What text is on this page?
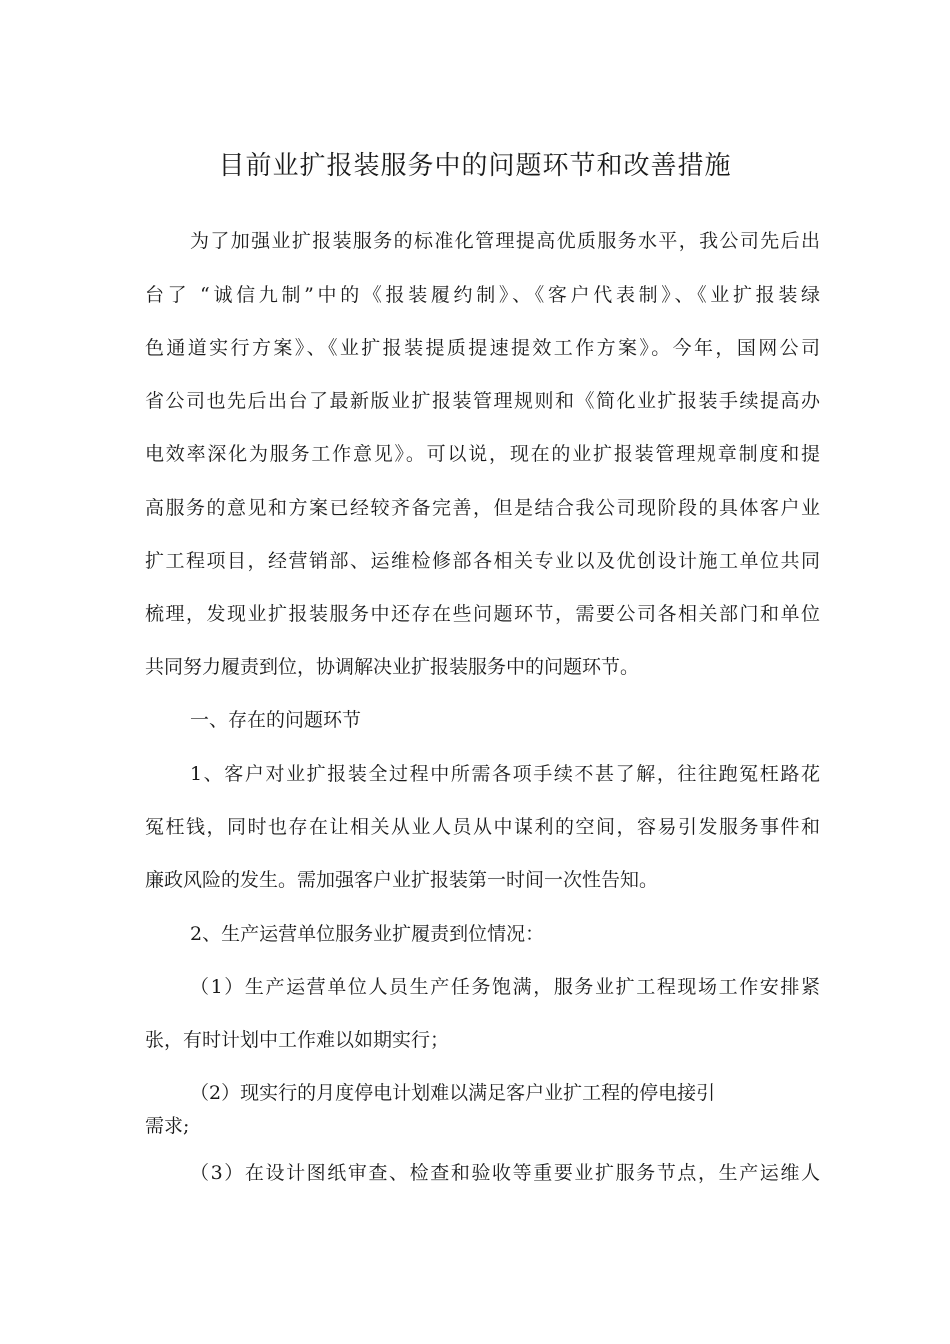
目前业扩报装服务中的问题环节和改善措施

为了加强业扩报装服务的标准化管理提高优质服务水平，我公司先后出

台了 “诚信九制”中的《报装履约制》、《客户代表制》、《业扩报装绿

色通道实行方案》、《业扩报装提质提速提效工作方案》。今年，国网公司

省公司也先后出台了最新版业扩报装管理规则和《简化业扩报装手续提高办

电效率深化为服务工作意见》。可以说，现在的业扩报装管理规章制度和提

高服务的意见和方案已经较齐备完善，但是结合我公司现阶段的具体客户业

扩工程项目，经营销部、运维检修部各相关专业以及优创设计施工单位共同

梳理，发现业扩报装服务中还存在些问题环节，需要公司各相关部门和单位

共同努力履责到位，协调解决业扩报装服务中的问题环节。

一、存在的问题环节

1、客户对业扩报装全过程中所需各项手续不甚了解，往往跑冤枉路花

冤枉钱，同时也存在让相关从业人员从中谋利的空间，容易引发服务事件和

廉政风险的发生。需加强客户业扩报装第一时间一次性告知。

2、生产运营单位服务业扩履责到位情况：

（1）生产运营单位人员生产任务饱满，服务业扩工程现场工作安排紧

张，有时计划中工作难以如期实行；

（2）现实行的月度停电计划难以满足客户业扩工程的停电接引

需求;

（3）在设计图纸审查、检查和验收等重要业扩服务节点，生产运维人
